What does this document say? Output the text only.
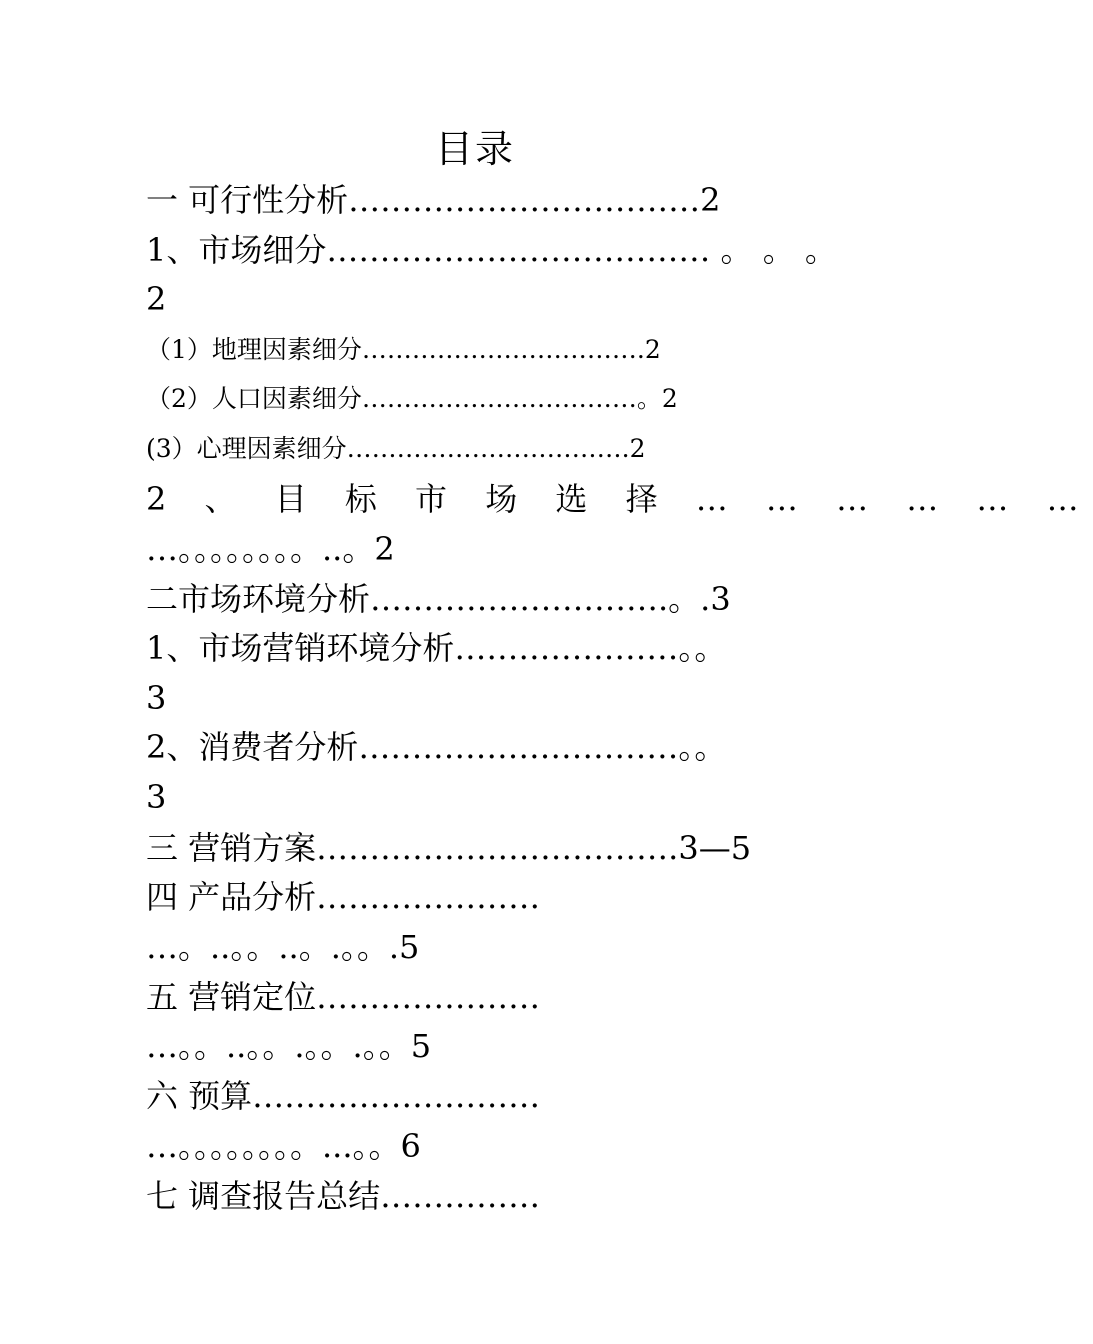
目录
一 可行性分析……………………………2
1、市场细分……………………………… 。 。 。
2
（1）地理因素细分…………………………….2
（2）人口因素细分……………………………。2
(3）心理因素细分…………………………….2
2 、 目 标 市 场 选 择 … … … … … …
…。。。。。。。。..。2
二市场环境分析……………………….。.3
1、市场营销环境分析…………………。。
3
2、消费者分析…………………………。。
3
三 营销方案…………………………….3—5
四 产品分析…………………
…。..。。..。.。。.5
五 营销定位…………………
…。。..。。.。。.。。5
六 预算………………………
…。。。。。。。。...。。6
七 调查报告总结……………
